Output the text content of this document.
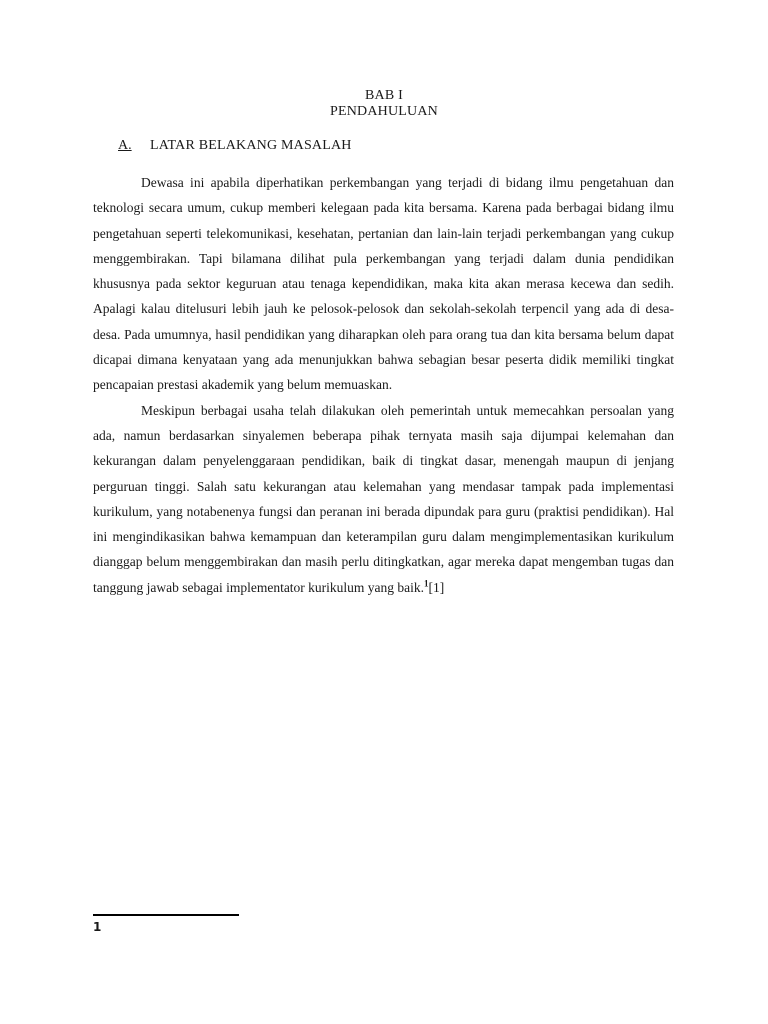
BAB I
PENDAHULUAN
A. LATAR BELAKANG MASALAH

Dewasa ini apabila diperhatikan perkembangan yang terjadi di bidang ilmu pengetahuan dan teknologi secara umum, cukup memberi kelegaan pada kita bersama. Karena pada berbagai bidang ilmu pengetahuan seperti telekomunikasi, kesehatan, pertanian dan lain-lain terjadi perkembangan yang cukup menggembirakan. Tapi bilamana dilihat pula perkembangan yang terjadi dalam dunia pendidikan khususnya pada sektor keguruan atau tenaga kependidikan, maka kita akan merasa kecewa dan sedih. Apalagi kalau ditelusuri lebih jauh ke pelosok-pelosok dan sekolah-sekolah terpencil yang ada di desa-desa. Pada umumnya, hasil pendidikan yang diharapkan oleh para orang tua dan kita bersama belum dapat dicapai dimana kenyataan yang ada menunjukkan bahwa sebagian besar peserta didik memiliki tingkat pencapaian prestasi akademik yang belum memuaskan.

Meskipun berbagai usaha telah dilakukan oleh pemerintah untuk memecahkan persoalan yang ada, namun berdasarkan sinyalemen beberapa pihak ternyata masih saja dijumpai kelemahan dan kekurangan dalam penyelenggaraan pendidikan, baik di tingkat dasar, menengah maupun di jenjang perguruan tinggi. Salah satu kekurangan atau kelemahan yang mendasar tampak pada implementasi kurikulum, yang notabenenya fungsi dan peranan ini berada dipundak para guru (praktisi pendidikan). Hal ini mengindikasikan bahwa kemampuan dan keterampilan guru dalam mengimplementasikan kurikulum dianggap belum menggembirakan dan masih perlu ditingkatkan, agar mereka dapat mengemban tugas dan tanggung jawab sebagai implementator kurikulum yang baik.$^1$[1]

1
